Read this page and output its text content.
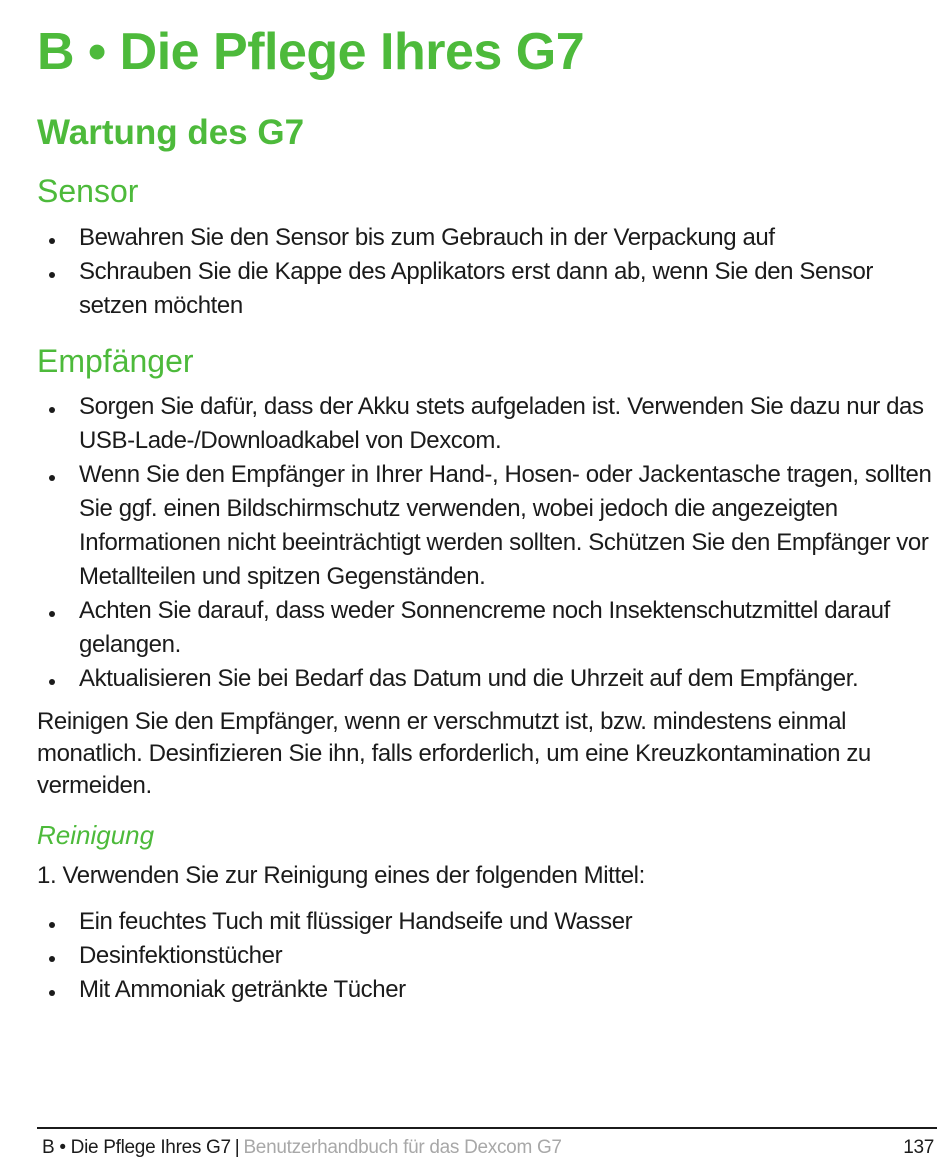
B • Die Pflege Ihres G7
Wartung des G7
Sensor
Bewahren Sie den Sensor bis zum Gebrauch in der Verpackung auf
Schrauben Sie die Kappe des Applikators erst dann ab, wenn Sie den Sensor setzen möchten
Empfänger
Sorgen Sie dafür, dass der Akku stets aufgeladen ist. Verwenden Sie dazu nur das USB-Lade-/Downloadkabel von Dexcom.
Wenn Sie den Empfänger in Ihrer Hand-, Hosen- oder Jackentasche tragen, sollten Sie ggf. einen Bildschirmschutz verwenden, wobei jedoch die angezeigten Informationen nicht beeinträchtigt werden sollten. Schützen Sie den Empfänger vor Metallteilen und spitzen Gegenständen.
Achten Sie darauf, dass weder Sonnencreme noch Insektenschutzmittel darauf gelangen.
Aktualisieren Sie bei Bedarf das Datum und die Uhrzeit auf dem Empfänger.

Reinigen Sie den Empfänger, wenn er verschmutzt ist, bzw. mindestens einmal monatlich. Desinfizieren Sie ihn, falls erforderlich, um eine Kreuzkontamination zu vermeiden.

Reinigung

1. Verwenden Sie zur Reinigung eines der folgenden Mittel:

Ein feuchtes Tuch mit flüssiger Handseife und Wasser
Desinfektionstücher
Mit Ammoniak getränkte Tücher
B • Die Pflege Ihres G7 | Benutzerhandbuch für das Dexcom G7	137
